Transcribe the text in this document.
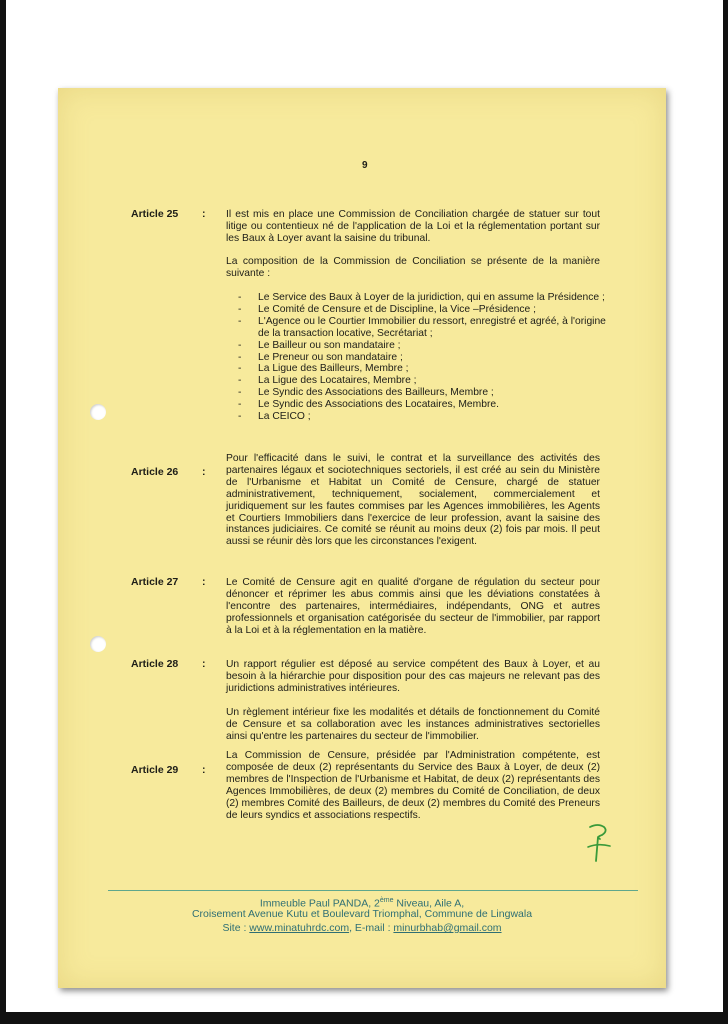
9
Article 25 : Il est mis en place une Commission de Conciliation chargée de statuer sur tout litige ou contentieux né de l'application de la Loi et la réglementation portant sur les Baux à Loyer avant la saisine du tribunal.

La composition de la Commission de Conciliation se présente de la manière suivante :

- Le Service des Baux à Loyer de la juridiction, qui en assume la Présidence ;
- Le Comité de Censure et de Discipline, la Vice –Présidence ;
- L'Agence ou le Courtier Immobilier du ressort, enregistré et agréé, à l'origine de la transaction locative, Secrétariat ;
- Le Bailleur ou son mandataire ;
- Le Preneur ou son mandataire ;
- La Ligue des Bailleurs, Membre ;
- La Ligue des Locataires, Membre ;
- Le Syndic des Associations des Bailleurs, Membre ;
- Le Syndic des Associations des Locataires, Membre.
- La CEICO ;
Article 26 :

Pour l'efficacité dans le suivi, le contrat et la surveillance des activités des partenaires légaux et sociotechniques sectoriels, il est créé au sein du Ministère de l'Urbanisme et Habitat un Comité de Censure, chargé de statuer administrativement, techniquement, socialement, commercialement et juridiquement sur les fautes commises par les Agences immobilières, les Agents et Courtiers Immobiliers dans l'exercice de leur profession, avant la saisine des instances judiciaires. Ce comité se réunit au moins deux (2) fois par mois. Il peut aussi se réunir dès lors que les circonstances l'exigent.

Article 27 : Le Comité de Censure agit en qualité d'organe de régulation du secteur pour dénoncer et réprimer les abus commis ainsi que les déviations constatées à l'encontre des partenaires, intermédiaires, indépendants, ONG et autres professionnels et organisation catégorisée du secteur de l'immobilier, par rapport à la Loi et à la réglementation en la matière.

Article 28 : Un rapport régulier est déposé au service compétent des Baux à Loyer, et au besoin à la hiérarchie pour disposition pour des cas majeurs ne relevant pas des juridictions administratives intérieures.

Un règlement intérieur fixe les modalités et détails de fonctionnement du Comité de Censure et sa collaboration avec les instances administratives sectorielles ainsi qu'entre les partenaires du secteur de l'immobilier.

Article 29 :

La Commission de Censure, présidée par l'Administration compétente, est composée de deux (2) représentants du Service des Baux à Loyer, de deux (2) membres de l'Inspection de l'Urbanisme et Habitat, de deux (2) représentants des Agences Immobilières, de deux (2) membres du Comité de Conciliation, de deux (2) membres Comité des Bailleurs, de deux (2) membres du Comité des Preneurs de leurs syndics et associations respectifs.

Immeuble Paul PANDA, 2ème Niveau, Aile A,
Croisement Avenue Kutu et Boulevard Triomphal, Commune de Lingwala
Site : www.minatuhrdc.com, E-mail : minurbhab@gmail.com
